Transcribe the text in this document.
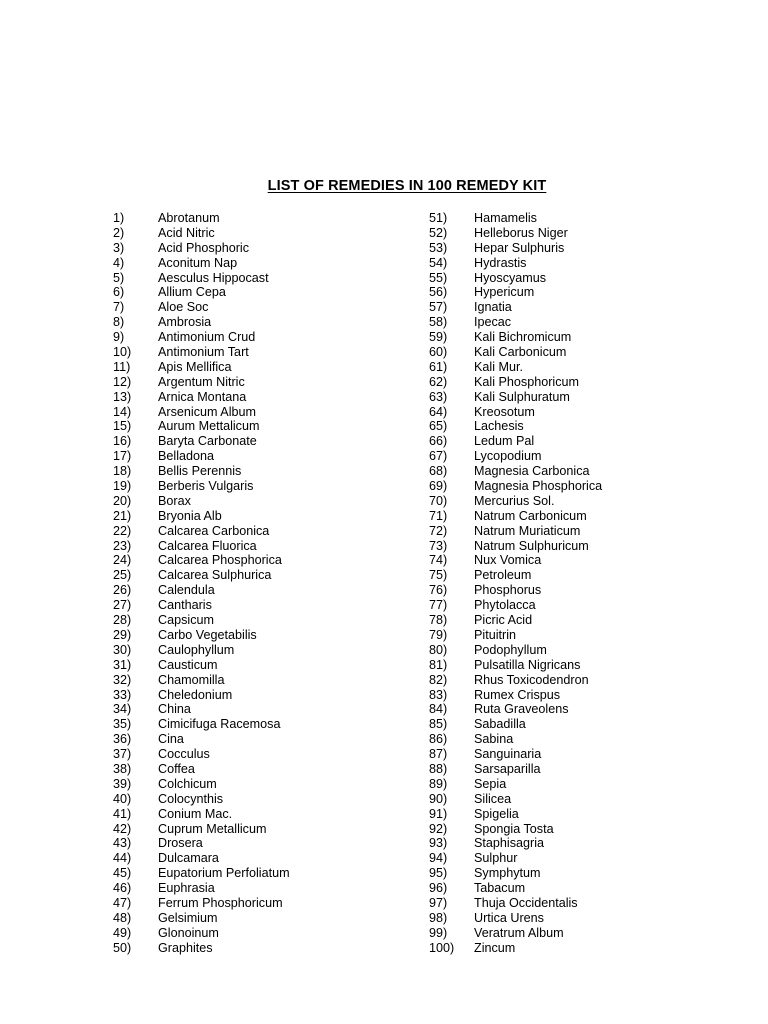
LIST OF REMEDIES IN 100 REMEDY KIT
1)	Abrotanum
2)	Acid Nitric
3)	Acid Phosphoric
4)	Aconitum Nap
5)	Aesculus Hippocast
6)	Allium Cepa
7)	Aloe Soc
8)	Ambrosia
9)	Antimonium Crud
10)	Antimonium Tart
11)	Apis Mellifica
12)	Argentum Nitric
13)	Arnica Montana
14)	Arsenicum Album
15)	Aurum Mettalicum
16)	Baryta Carbonate
17)	Belladona
18)	Bellis Perennis
19)	Berberis Vulgaris
20)	Borax
21)	Bryonia Alb
22)	Calcarea Carbonica
23)	Calcarea Fluorica
24)	Calcarea Phosphorica
25)	Calcarea Sulphurica
26)	Calendula
27)	Cantharis
28)	Capsicum
29)	Carbo Vegetabilis
30)	Caulophyllum
31)	Causticum
32)	Chamomilla
33)	Cheledonium
34)	China
35)	Cimicifuga Racemosa
36)	Cina
37)	Cocculus
38)	Coffea
39)	Colchicum
40)	Colocynthis
41)	Conium Mac.
42)	Cuprum Metallicum
43)	Drosera
44)	Dulcamara
45)	Eupatorium Perfoliatum
46)	Euphrasia
47)	Ferrum Phosphoricum
48)	Gelsimium
49)	Glonoinum
50)	Graphites
51)	Hamamelis
52)	Helleborus Niger
53)	Hepar Sulphuris
54)	Hydrastis
55)	Hyoscyamus
56)	Hypericum
57)	Ignatia
58)	Ipecac
59)	Kali Bichromicum
60)	Kali Carbonicum
61)	Kali Mur.
62)	Kali Phosphoricum
63)	Kali Sulphuratum
64)	Kreosotum
65)	Lachesis
66)	Ledum Pal
67)	Lycopodium
68)	Magnesia Carbonica
69)	Magnesia Phosphorica
70)	Mercurius Sol.
71)	Natrum Carbonicum
72)	Natrum Muriaticum
73)	Natrum Sulphuricum
74)	Nux Vomica
75)	Petroleum
76)	Phosphorus
77)	Phytolacca
78)	Picric Acid
79)	Pituitrin
80)	Podophyllum
81)	Pulsatilla Nigricans
82)	Rhus Toxicodendron
83)	Rumex Crispus
84)	Ruta Graveolens
85)	Sabadilla
86)	Sabina
87)	Sanguinaria
88)	Sarsaparilla
89)	Sepia
90)	Silicea
91)	Spigelia
92)	Spongia Tosta
93)	Staphisagria
94)	Sulphur
95)	Symphytum
96)	Tabacum
97)	Thuja Occidentalis
98)	Urtica Urens
99)	Veratrum Album
100)	Zincum
